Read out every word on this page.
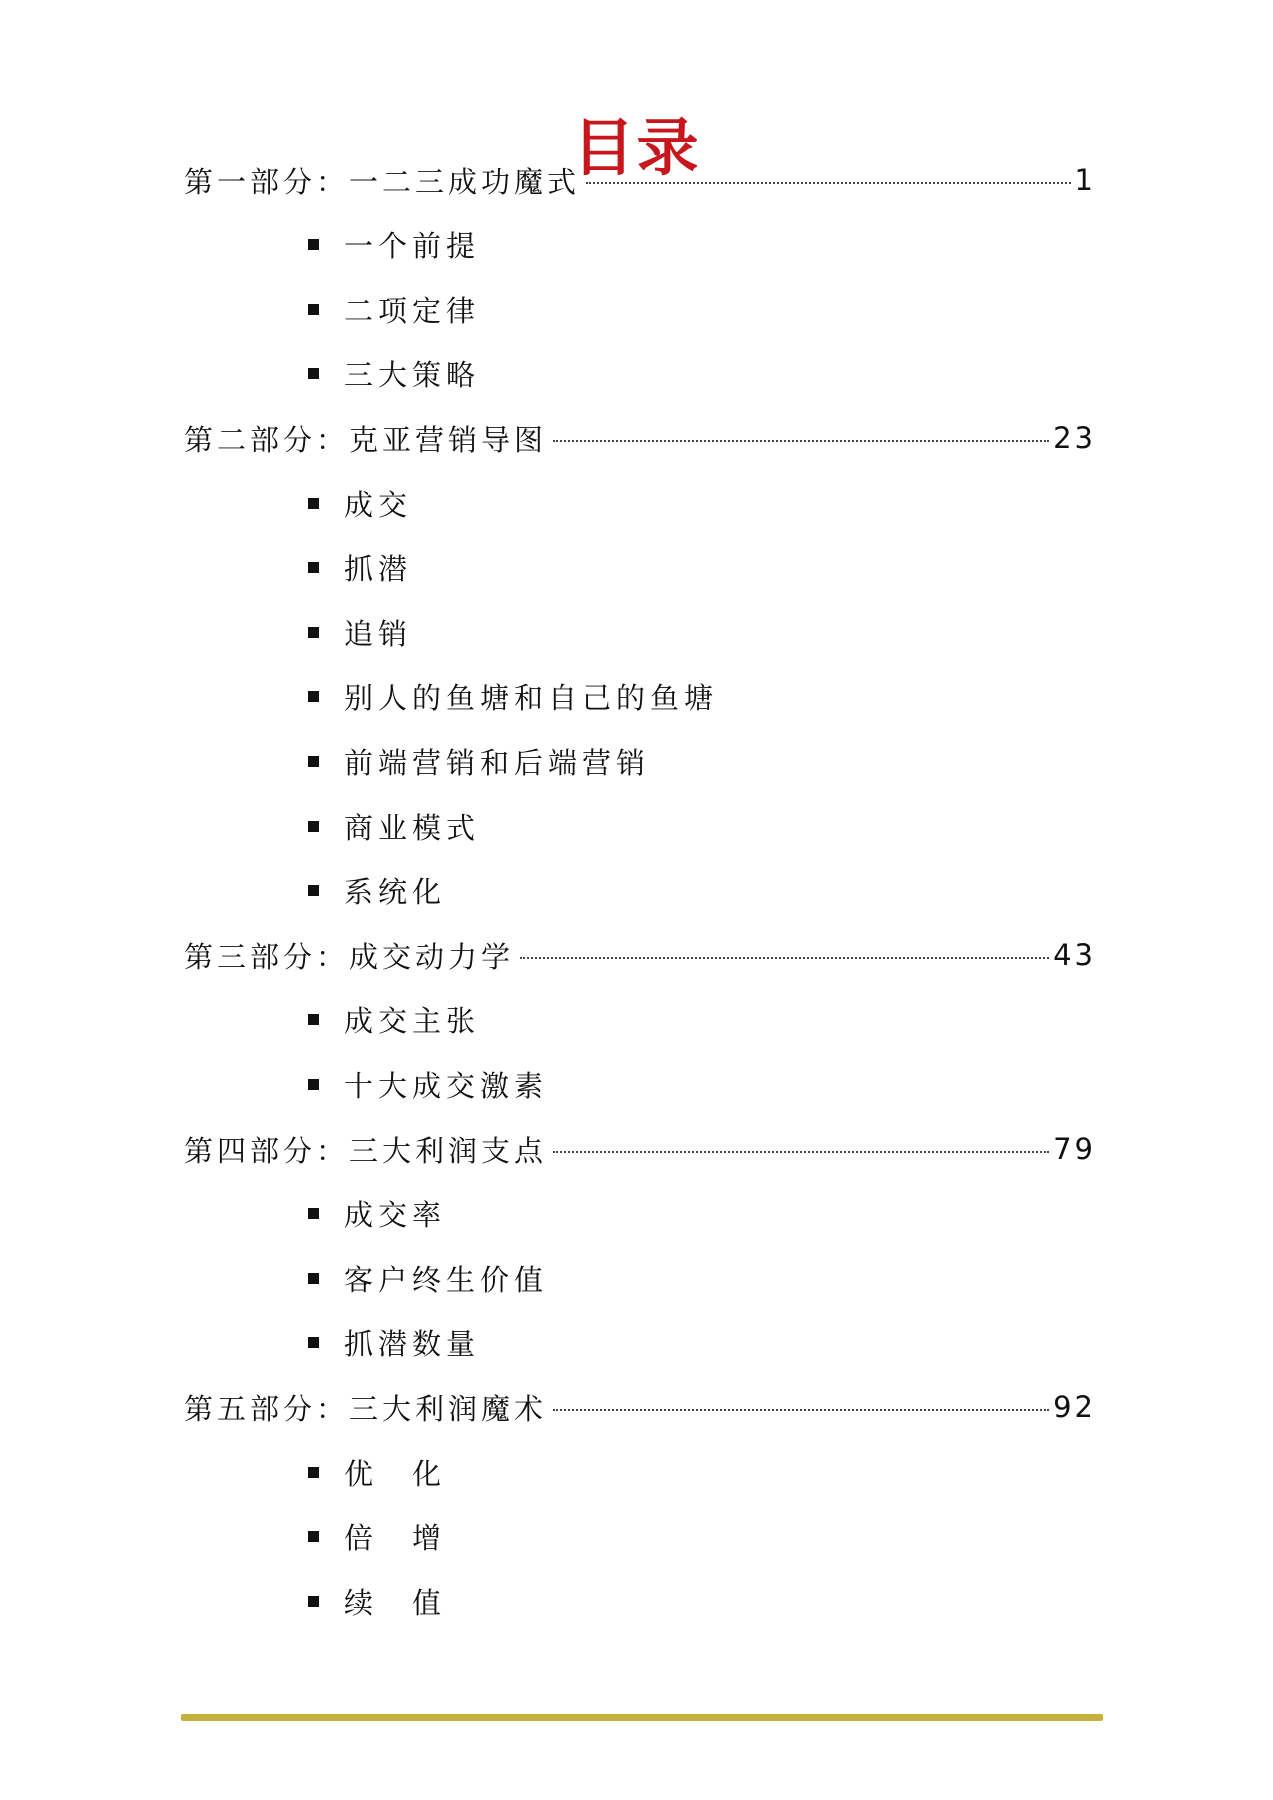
目录
第一部分： 一二三成功魔式	1
一个前提
二项定律
三大策略
第二部分： 克亚营销导图	23
成交
抓潜
追销
别人的鱼塘和自己的鱼塘
前端营销和后端营销
商业模式
系统化
第三部分： 成交动力学	43
成交主张
十大成交激素
第四部分： 三大利润支点	79
成交率
客户终生价值
抓潜数量
第五部分： 三大利润魔术	92
优　化
倍　增
续　值
